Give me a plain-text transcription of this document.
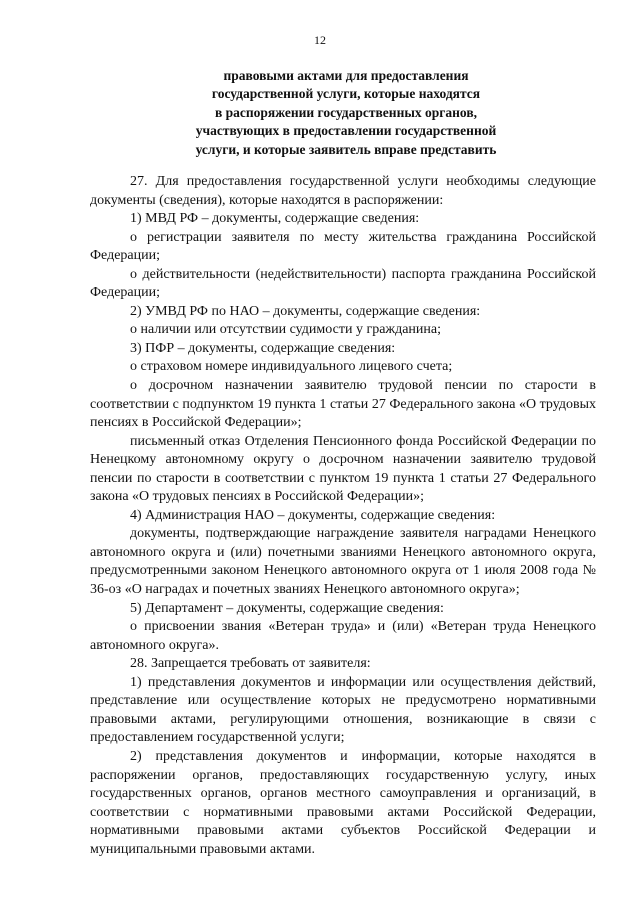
12
правовыми актами для предоставления
государственной услуги, которые находятся
в распоряжении государственных органов,
участвующих в предоставлении государственной
услуги, и которые заявитель вправе представить

27. Для предоставления государственной услуги необходимы следующие документы (сведения), которые находятся в распоряжении:

1) МВД РФ – документы, содержащие сведения:

о регистрации заявителя по месту жительства гражданина Российской Федерации;

о действительности (недействительности) паспорта гражданина Российской Федерации;

2) УМВД РФ по НАО – документы, содержащие сведения:

о наличии или отсутствии судимости у гражданина;

3) ПФР – документы, содержащие сведения:

о страховом номере индивидуального лицевого счета;

о досрочном назначении заявителю трудовой пенсии по старости в соответствии с подпунктом 19 пункта 1 статьи 27 Федерального закона «О трудовых пенсиях в Российской Федерации»;

письменный отказ Отделения Пенсионного фонда Российской Федерации по Ненецкому автономному округу о досрочном назначении заявителю трудовой пенсии по старости в соответствии с пунктом 19 пункта 1 статьи 27 Федерального закона «О трудовых пенсиях в Российской Федерации»;

4) Администрация НАО – документы, содержащие сведения:

документы, подтверждающие награждение заявителя наградами Ненецкого автономного округа и (или) почетными званиями Ненецкого автономного округа, предусмотренными законом Ненецкого автономного округа от 1 июля 2008 года № 36-оз «О наградах и почетных званиях Ненецкого автономного округа»;

5) Департамент – документы, содержащие сведения:

о присвоении звания «Ветеран труда» и (или) «Ветеран труда Ненецкого автономного округа».

28. Запрещается требовать от заявителя:

1) представления документов и информации или осуществления действий, представление или осуществление которых не предусмотрено нормативными правовыми актами, регулирующими отношения, возникающие в связи с предоставлением государственной услуги;

2) представления документов и информации, которые находятся в распоряжении органов, предоставляющих государственную услугу, иных государственных органов, органов местного самоуправления и организаций, в соответствии с нормативными правовыми актами Российской Федерации, нормативными правовыми актами субъектов Российской Федерации и муниципальными правовыми актами.
